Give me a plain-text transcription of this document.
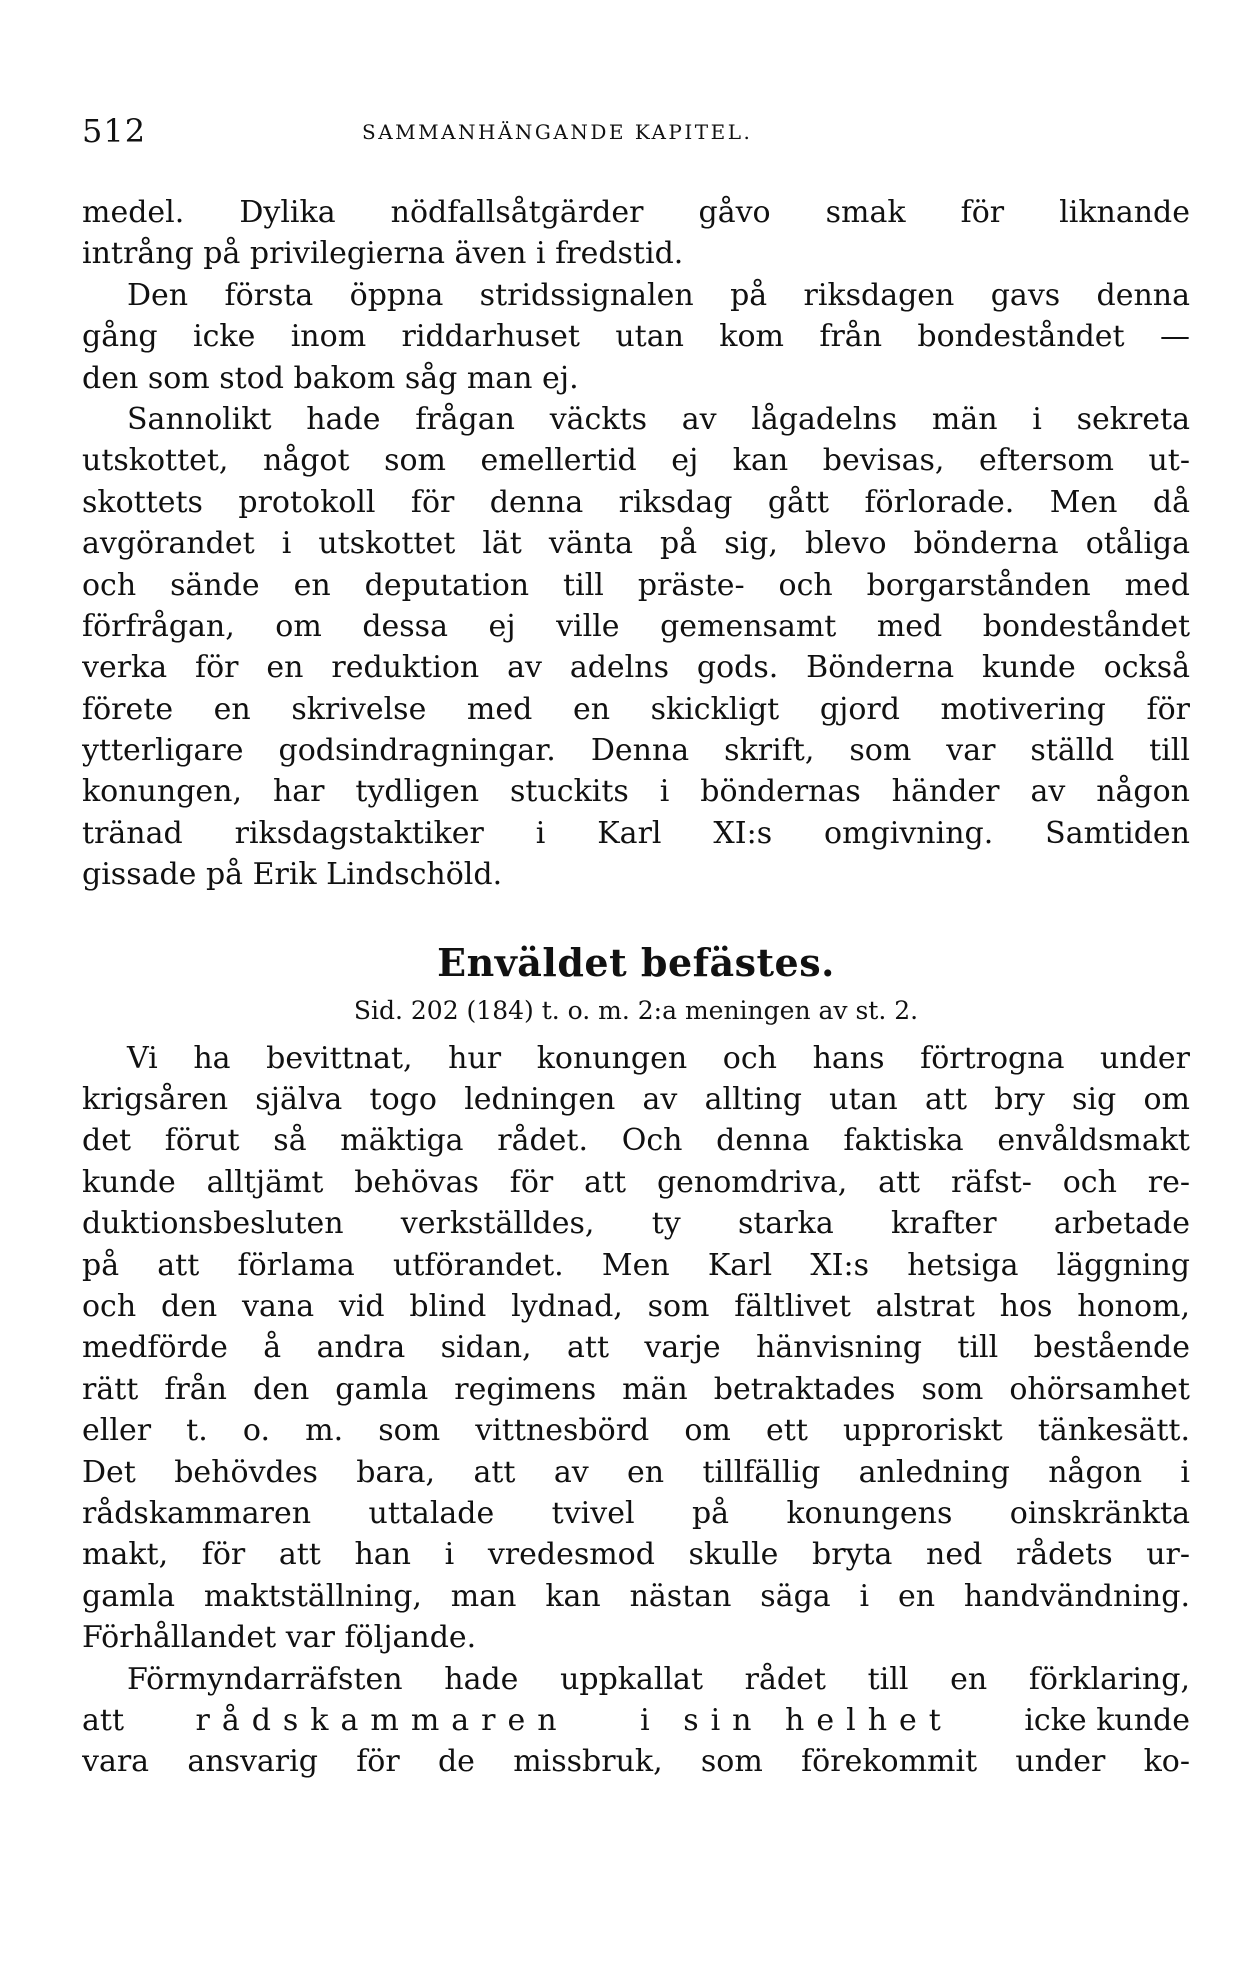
512	SAMMANHÄNGANDE KAPITEL.
medel. Dylika nödfallsåtgärder gåvo smak för liknande
intrång på privilegierna även i fredstid.
Den första öppna stridssignalen på riksdagen gavs denna
gång icke inom riddarhuset utan kom från bondeståndet —
den som stod bakom såg man ej.
Sannolikt hade frågan väckts av lågadelns män i sekreta
utskottet, något som emellertid ej kan bevisas, eftersom ut-
skottets protokoll för denna riksdag gått förlorade. Men då
avgörandet i utskottet lät vänta på sig, blevo bönderna otåliga
och sände en deputation till präste- och borgarstånden med
förfrågan, om dessa ej ville gemensamt med bondeståndet
verka för en reduktion av adelns gods. Bönderna kunde också
förete en skrivelse med en skickligt gjord motivering för
ytterligare godsindragningar. Denna skrift, som var ställd till
konungen, har tydligen stuckits i böndernas händer av någon
tränad riksdagstaktiker i Karl XI:s omgivning. Samtiden
gissade på Erik Lindschöld.
Enväldet befästes.
Sid. 202 (184) t. o. m. 2:a meningen av st. 2.
Vi ha bevittnat, hur konungen och hans förtrogna under
krigsåren själva togo ledningen av allting utan att bry sig om
det förut så mäktiga rådet. Och denna faktiska envåldsmakt
kunde alltjämt behövas för att genomdriva, att räfst- och re-
duktionsbesluten verkställdes, ty starka krafter arbetade
på att förlama utförandet. Men Karl XI:s hetsiga läggning
och den vana vid blind lydnad, som fältlivet alstrat hos honom,
medförde å andra sidan, att varje hänvisning till bestående
rätt från den gamla regimens män betraktades som ohörsamhet
eller t. o. m. som vittnesbörd om ett upproriskt tänkesätt.
Det behövdes bara, att av en tillfällig anledning någon i
rådskammaren uttalade tvivel på konungens oinskränkta
makt, för att han i vredesmod skulle bryta ned rådets ur-
gamla maktställning, man kan nästan säga i en handvändning.
Förhållandet var följande.
Förmyndarräfsten hade uppkallat rådet till en förklaring,
att rådskammaren i sin helhet icke kunde
vara ansvarig för de missbruk, som förekommit under ko-
